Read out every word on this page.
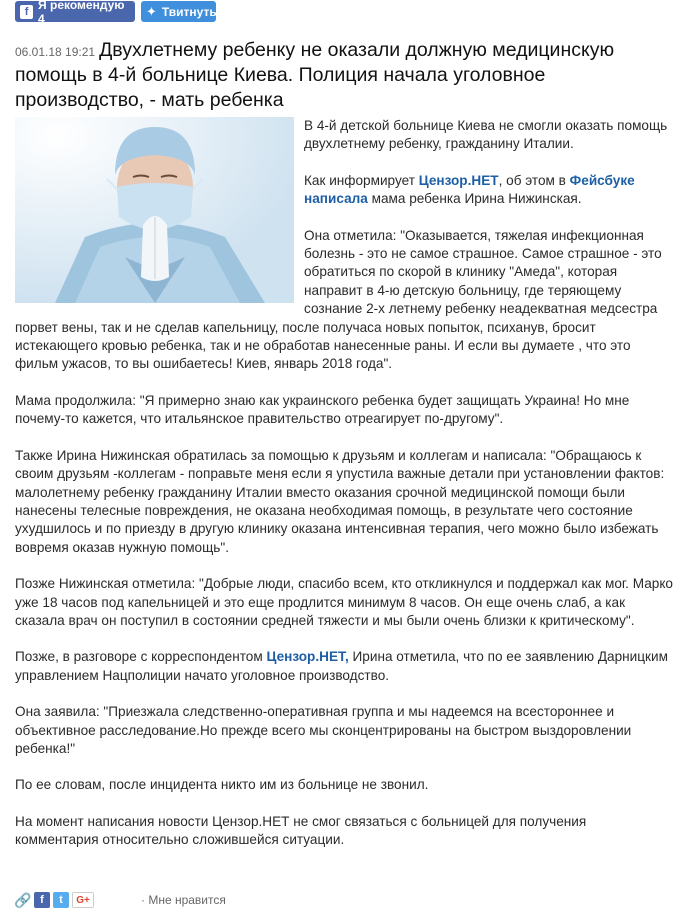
f Я рекомендую 4	✦ Твитнуть
06.01.18 19:21 Двухлетнему ребенку не оказали должную медицинскую помощь в 4-й больнице Киева. Полиция начала уголовное производство, - мать ребенка

В 4-й детской больнице Киева не смогли оказать помощь двухлетнему ребенку, гражданину Италии.

Как информирует Цензор.НЕТ, об этом в Фейсбуке написала мама ребенка Ирина Нижинская.

Она отметила: "Оказывается, тяжелая инфекционная болезнь - это не самое страшное. Самое страшное - это обратиться по скорой в клинику "Амеда", которая направит в 4-ю детскую больницу, где теряющему сознание 2-х летнему ребенку неадекватная медсестра порвет вены, так и не сделав капельницу, после получаса новых попыток, психанув, бросит истекающего кровью ребенка, так и не обработав нанесенные раны. И если вы думаете , что это фильм ужасов, то вы ошибаетесь! Киев, январь 2018 года".

Мама продолжила: "Я примерно знаю как украинского ребенка будет защищать Украина! Но мне почему-то кажется, что итальянское правительство отреагирует по-другому".

Также Ирина Нижинская обратилась за помощью к друзьям и коллегам и написала: "Обращаюсь к своим друзьям -коллегам - поправьте меня если я упустила важные детали при установлении фактов: малолетнему ребенку гражданину Италии вместо оказания срочной медицинской помощи были нанесены телесные повреждения, не оказана необходимая помощь, в результате чего состояние ухудшилось и по приезду в другую клинику оказана интенсивная терапия, чего можно было избежать вовремя оказав нужную помощь".

Позже Нижинская отметила: "Добрые люди, спасибо всем, кто откликнулся и поддержал как мог. Марко уже 18 часов под капельницей и это еще продлится минимум 8 часов. Он еще очень слаб, а как сказала врач он поступил в состоянии средней тяжести и мы были очень близки к критическому".

Позже, в разговоре с корреспондентом Цензор.НЕТ, Ирина отметила, что по ее заявлению Дарницким управлением Нацполиции начато уголовное производство.

Она заявила: "Приезжала следственно-оперативная группа и мы надеемся на всестороннее и объективное расследование.Но прежде всего мы сконцентрированы на быстром выздоровлении ребенка!"

По ее словам, после инцидента никто им из больнице не звонил.

На момент написания новости Цензор.НЕТ не смог связаться с больницей для получения комментария относительно сложившейся ситуации.

🔗 f	t	G+	· Мне нравится
